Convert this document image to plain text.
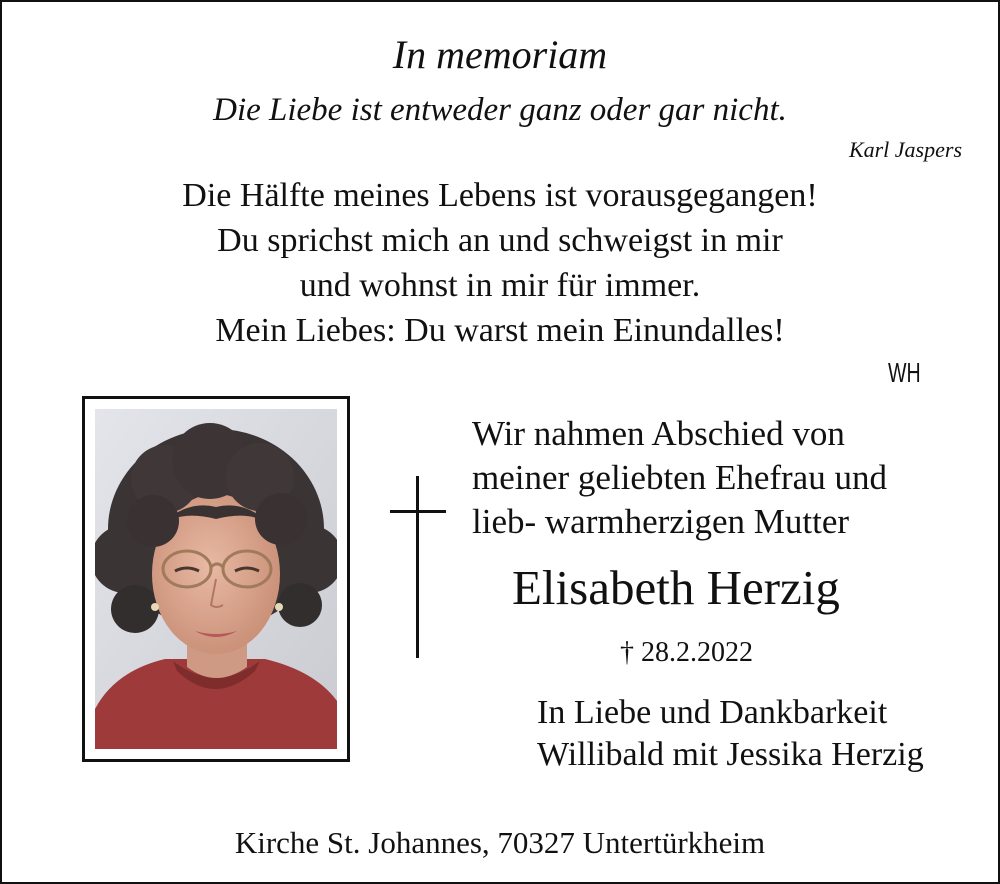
In memoriam
Die Liebe ist entweder ganz oder gar nicht.
Karl Jaspers
Die Hälfte meines Lebens ist vorausgegangen!
Du sprichst mich an und schweigst in mir
und wohnst in mir für immer.
Mein Liebes: Du warst mein Einundalles!
WH
Wir nahmen Abschied von
meiner geliebten Ehefrau und
lieb- warmherzigen Mutter
Elisabeth Herzig
† 28.2.2022
In Liebe und Dankbarkeit
Willibald mit Jessika Herzig
Kirche St. Johannes, 70327 Untertürkheim
